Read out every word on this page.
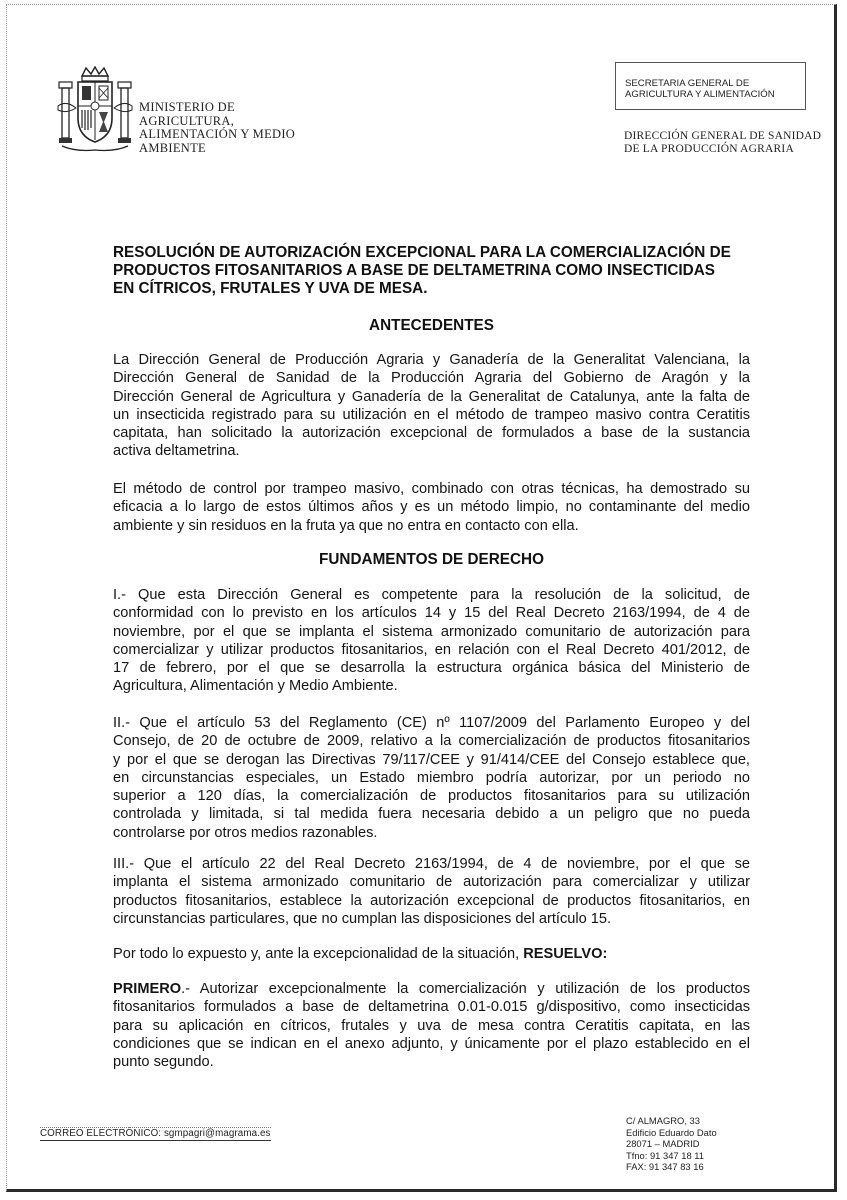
MINISTERIO DE
AGRICULTURA,
ALIMENTACIÓN Y MEDIO
AMBIENTE
SECRETARIA GENERAL DE
AGRICULTURA Y ALIMENTACIÓN
DIRECCIÓN GENERAL DE SANIDAD
DE LA PRODUCCIÓN AGRARIA
RESOLUCIÓN DE AUTORIZACIÓN EXCEPCIONAL PARA LA COMERCIALIZACIÓN DE
PRODUCTOS FITOSANITARIOS A BASE DE DELTAMETRINA COMO INSECTICIDAS
EN CÍTRICOS, FRUTALES Y UVA DE MESA.
ANTECEDENTES
La Dirección General de Producción Agraria y Ganadería de la Generalitat Valenciana, la
Dirección General de Sanidad de la Producción Agraria del Gobierno de Aragón y la
Dirección General de Agricultura y Ganadería de la Generalitat de Catalunya, ante la falta de
un insecticida registrado para su utilización en el método de trampeo masivo contra Ceratitis
capitata, han solicitado la autorización excepcional de formulados a base de la sustancia
activa deltametrina.
El método de control por trampeo masivo, combinado con otras técnicas, ha demostrado su
eficacia a lo largo de estos últimos años y es un método limpio, no contaminante del medio
ambiente y sin residuos en la fruta ya que no entra en contacto con ella.
FUNDAMENTOS DE DERECHO
I.- Que esta Dirección General es competente para la resolución de la solicitud, de
conformidad con lo previsto en los artículos 14 y 15 del Real Decreto 2163/1994, de 4 de
noviembre, por el que se implanta el sistema armonizado comunitario de autorización para
comercializar y utilizar productos fitosanitarios, en relación con el Real Decreto 401/2012, de
17 de febrero, por el que se desarrolla la estructura orgánica básica del Ministerio de
Agricultura, Alimentación y Medio Ambiente.
II.- Que el artículo 53 del Reglamento (CE) nº 1107/2009 del Parlamento Europeo y del
Consejo, de 20 de octubre de 2009, relativo a la comercialización de productos fitosanitarios
y por el que se derogan las Directivas 79/117/CEE y 91/414/CEE del Consejo establece que,
en circunstancias especiales, un Estado miembro podría autorizar, por un periodo no
superior a 120 días, la comercialización de productos fitosanitarios para su utilización
controlada y limitada, si tal medida fuera necesaria debido a un peligro que no pueda
controlarse por otros medios razonables.
III.- Que el artículo 22 del Real Decreto 2163/1994, de 4 de noviembre, por el que se
implanta el sistema armonizado comunitario de autorización para comercializar y utilizar
productos fitosanitarios, establece la autorización excepcional de productos fitosanitarios, en
circunstancias particulares, que no cumplan las disposiciones del artículo 15.
Por todo lo expuesto y, ante la excepcionalidad de la situación, RESUELVO:
PRIMERO.- Autorizar excepcionalmente la comercialización y utilización de los productos
fitosanitarios formulados a base de deltametrina 0.01-0.015 g/dispositivo, como insecticidas
para su aplicación en cítricos, frutales y uva de mesa contra Ceratitis capitata, en las
condiciones que se indican en el anexo adjunto, y únicamente por el plazo establecido en el
punto segundo.
CORREO ELECTRÓNICO: sgmpagri@magrama.es
C/ ALMAGRO, 33
Edificio Eduardo Dato
28071 – MADRID
Tfno: 91 347 18 11
FAX: 91 347 83 16
